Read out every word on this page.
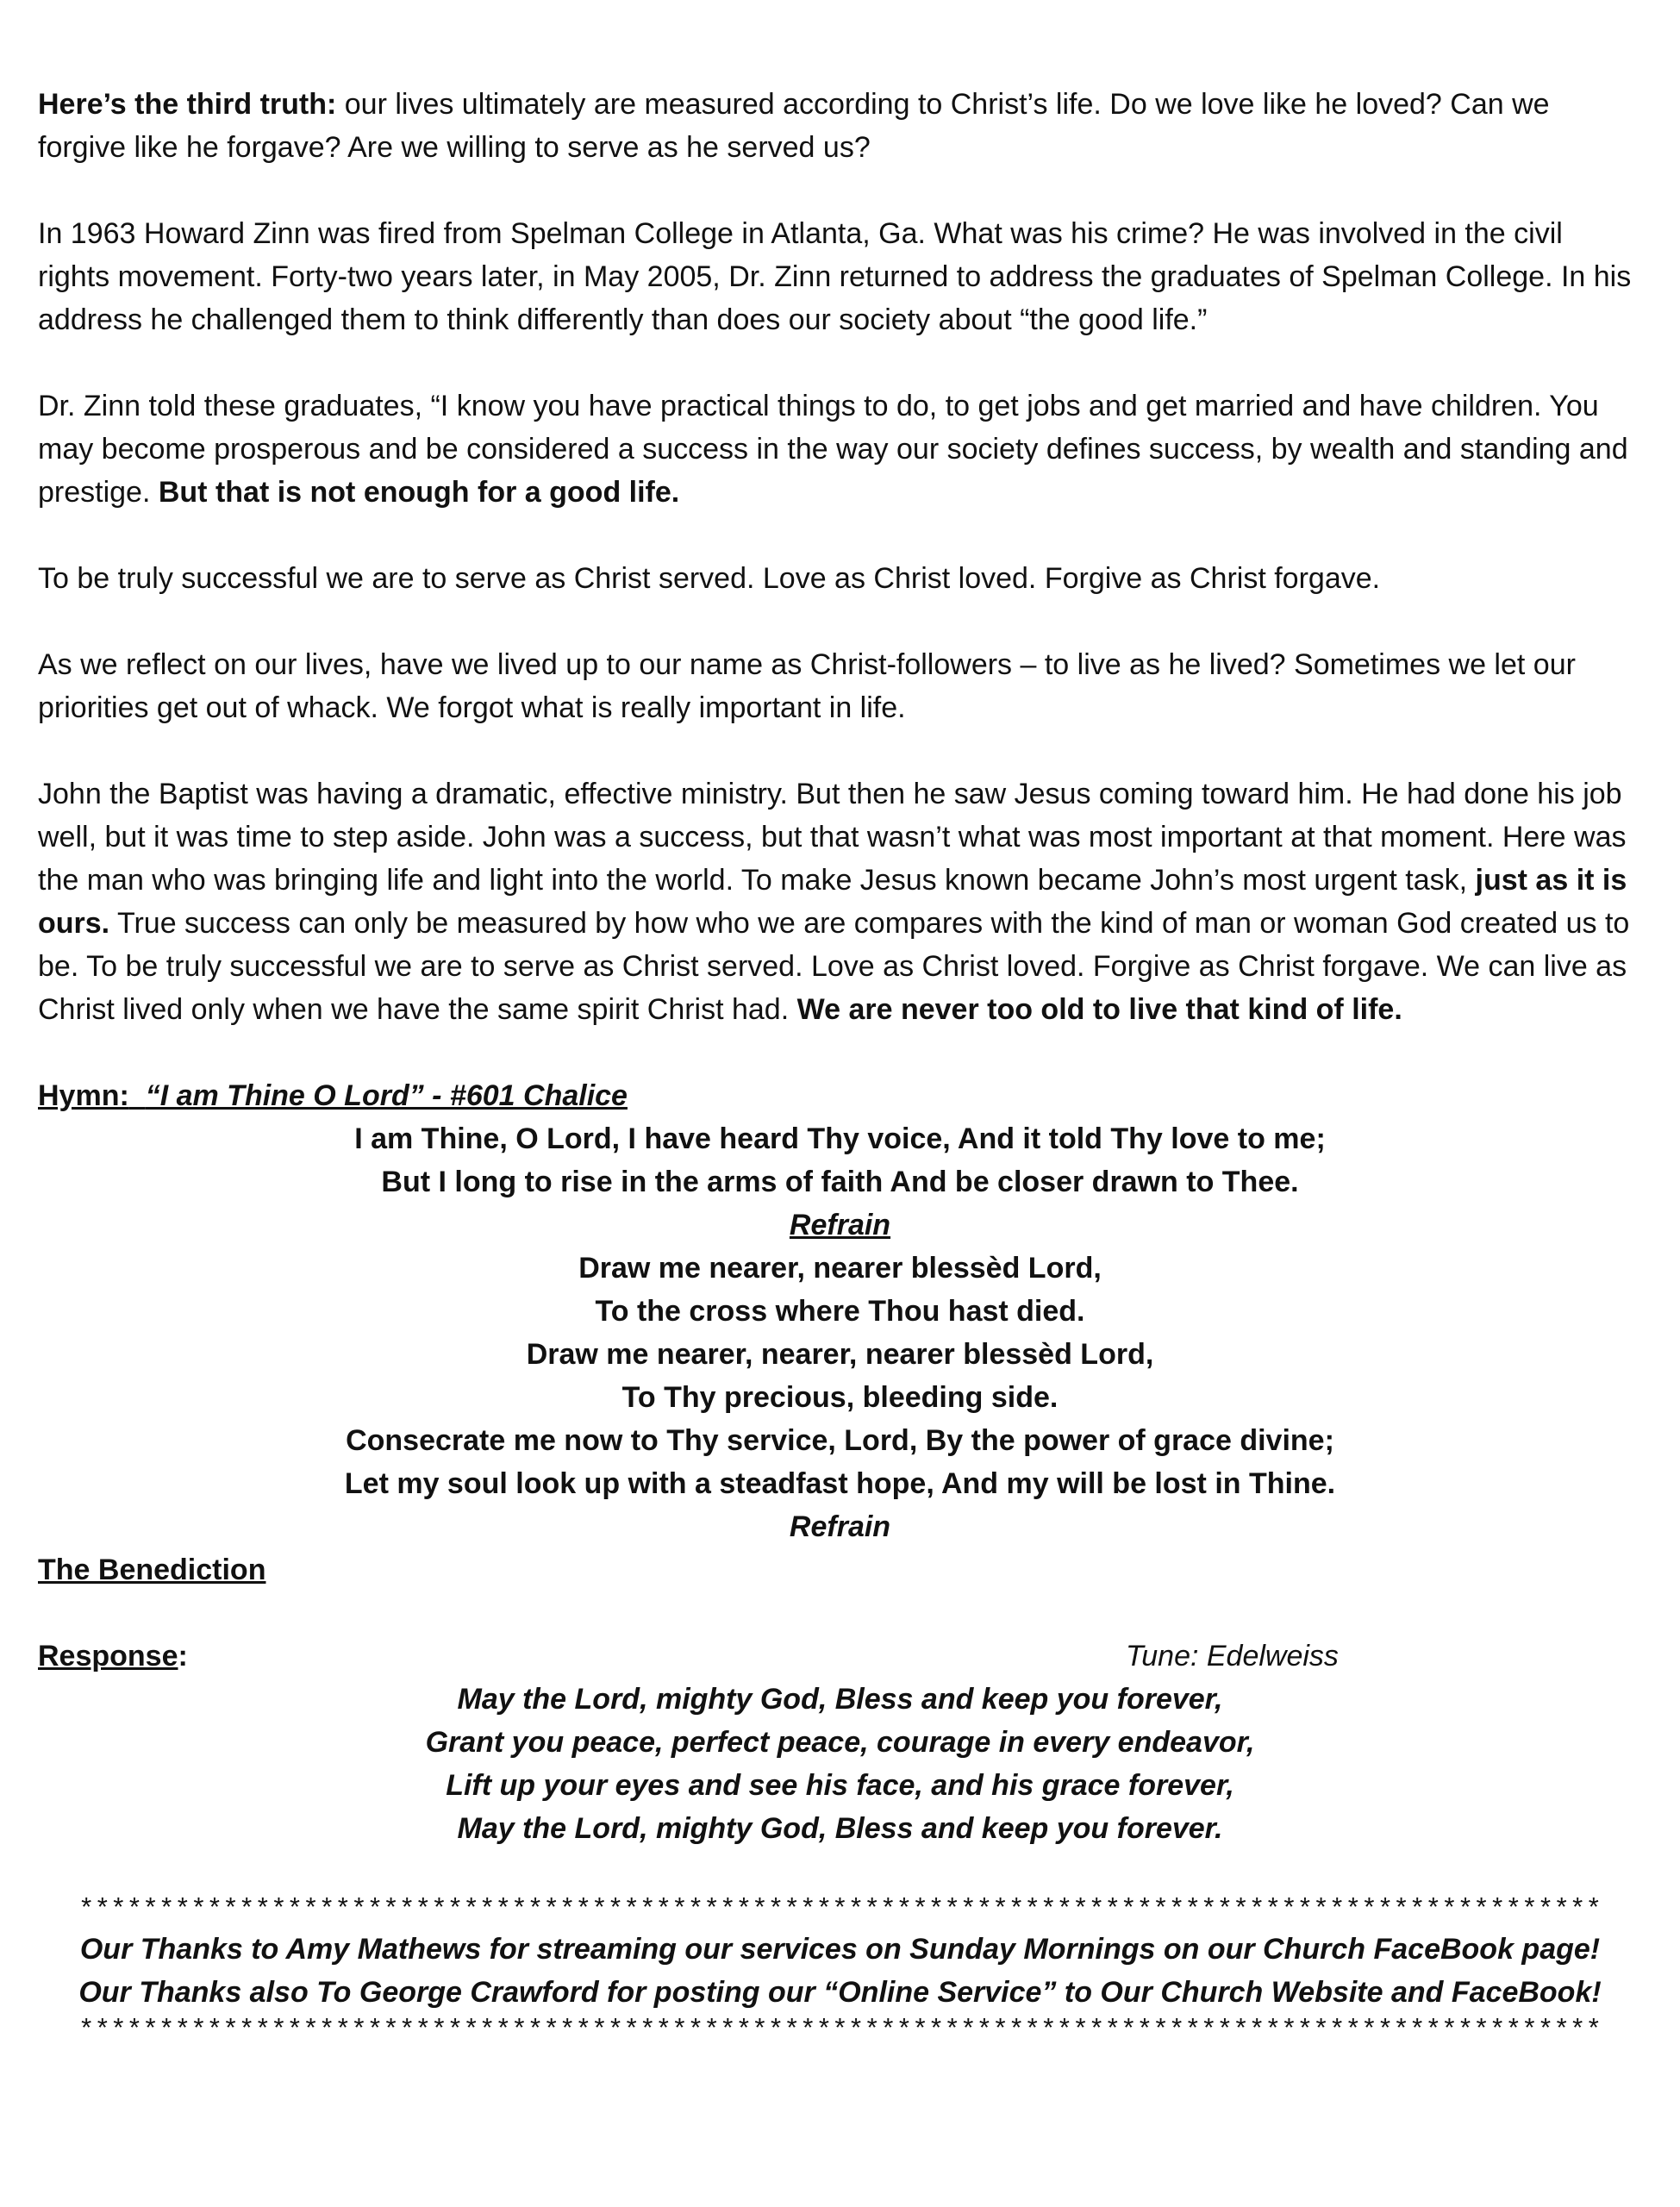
Here’s the third truth: our lives ultimately are measured according to Christ’s life. Do we love like he loved? Can we forgive like he forgave? Are we willing to serve as he served us?

In 1963 Howard Zinn was fired from Spelman College in Atlanta, Ga. What was his crime? He was involved in the civil rights movement. Forty-two years later, in May 2005, Dr. Zinn returned to address the graduates of Spelman College. In his address he challenged them to think differently than does our society about “the good life.”

Dr. Zinn told these graduates, “I know you have practical things to do, to get jobs and get married and have children. You may become prosperous and be considered a success in the way our society defines success, by wealth and standing and prestige. But that is not enough for a good life.

To be truly successful we are to serve as Christ served. Love as Christ loved. Forgive as Christ forgave.

As we reflect on our lives, have we lived up to our name as Christ-followers – to live as he lived? Sometimes we let our priorities get out of whack. We forgot what is really important in life.

John the Baptist was having a dramatic, effective ministry. But then he saw Jesus coming toward him. He had done his job well, but it was time to step aside. John was a success, but that wasn’t what was most important at that moment. Here was the man who was bringing life and light into the world. To make Jesus known became John’s most urgent task, just as it is ours. True success can only be measured by how who we are compares with the kind of man or woman God created us to be. To be truly successful we are to serve as Christ served. Love as Christ loved. Forgive as Christ forgave. We can live as Christ lived only when we have the same spirit Christ had. We are never too old to live that kind of life.

Hymn: “I am Thine O Lord” - #601 Chalice
I am Thine, O Lord, I have heard Thy voice, And it told Thy love to me;
But I long to rise in the arms of faith And be closer drawn to Thee.
Refrain
Draw me nearer, nearer blessèd Lord,
To the cross where Thou hast died.
Draw me nearer, nearer, nearer blessèd Lord,
To Thy precious, bleeding side.
Consecrate me now to Thy service, Lord, By the power of grace divine;
Let my soul look up with a steadfast hope, And my will be lost in Thine.
Refrain
The Benediction
Response:	Tune: Edelweiss
May the Lord, mighty God, Bless and keep you forever,
Grant you peace, perfect peace, courage in every endeavor,
Lift up your eyes and see his face, and his grace forever,
May the Lord, mighty God, Bless and keep you forever.
***********************************************************************************************
Our Thanks to Amy Mathews for streaming our services on Sunday Mornings on our Church FaceBook page!
Our Thanks also To George Crawford for posting our “Online Service” to Our Church Website and FaceBook!
***********************************************************************************************
